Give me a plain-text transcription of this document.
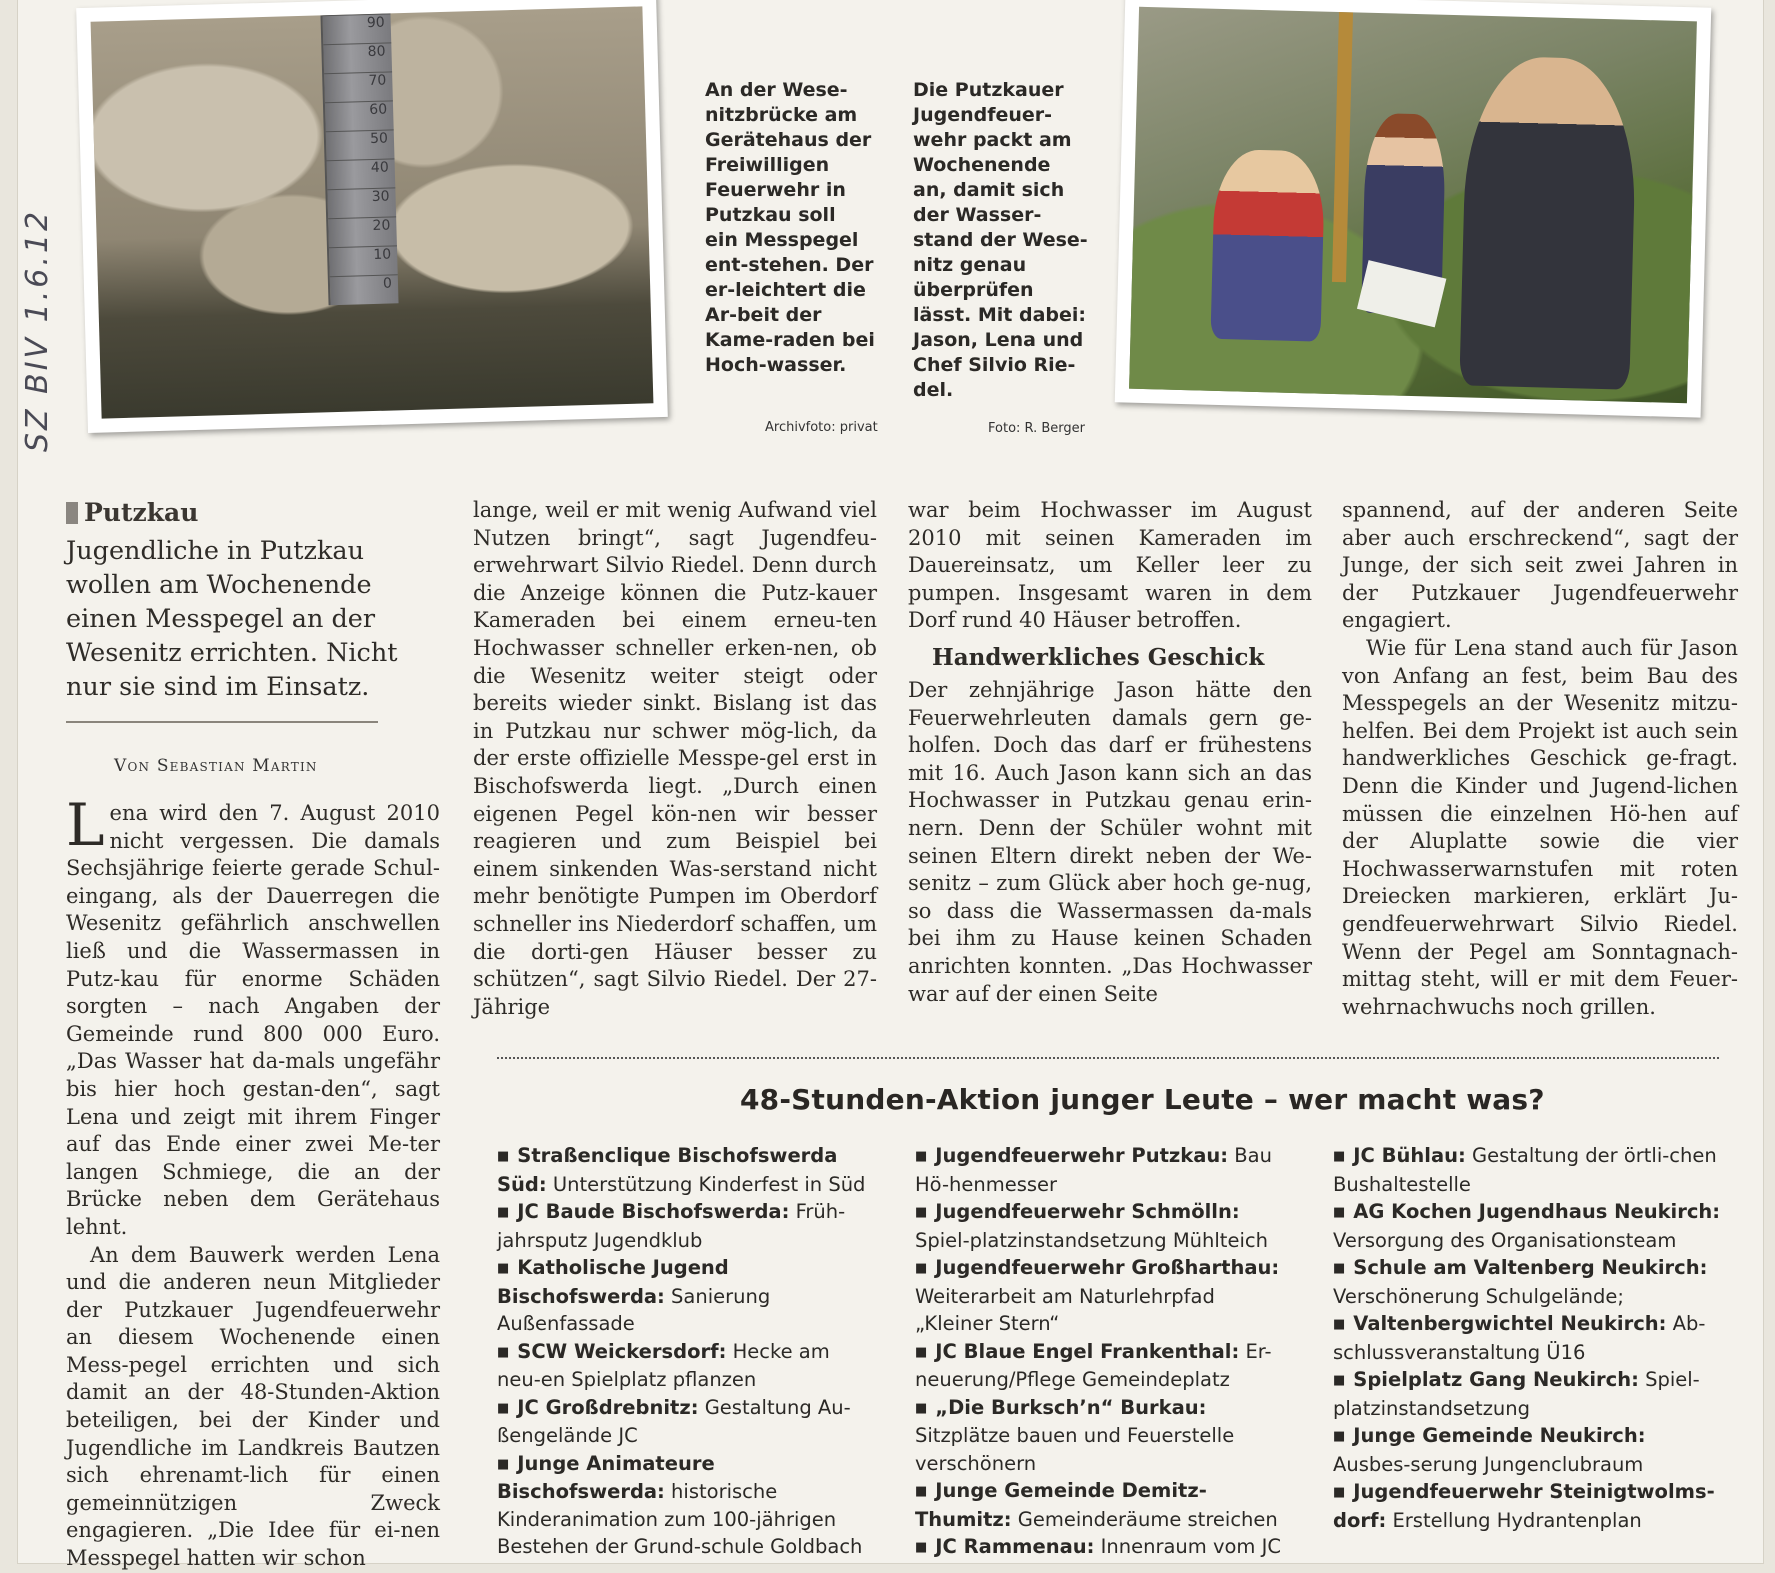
SZ BIV 1.6.12
90
80
70
60
50
40
30
20
10
0
An der Wese-nitzbrücke am Gerätehaus der Freiwilligen Feuerwehr in Putzkau soll ein Messpegel ent-stehen. Der er-leichtert die Ar-beit der Kame-raden bei Hoch-wasser.
Archivfoto: privat
Die Putzkauer Jugendfeuer-wehr packt am Wochenende an, damit sich der Wasser-stand der Wese-nitz genau überprüfen lässt. Mit dabei: Jason, Lena und Chef Silvio Rie-del.
Foto: R. Berger
Putzkau
Jugendliche in Putzkau wollen am Wochenende einen Messpegel an der Wesenitz errichten. Nicht nur sie sind im Einsatz.
Von Sebastian Martin

Lena wird den 7. August 2010 nicht vergessen. Die damals Sechsjährige feierte gerade Schul-eingang, als der Dauerregen die Wesenitz gefährlich anschwellen ließ und die Wassermassen in Putz-kau für enorme Schäden sorgten – nach Angaben der Gemeinde rund 800 000 Euro. „Das Wasser hat da-mals ungefähr bis hier hoch gestan-den“, sagt Lena und zeigt mit ihrem Finger auf das Ende einer zwei Me-ter langen Schmiege, die an der Brücke neben dem Gerätehaus lehnt.

An dem Bauwerk werden Lena und die anderen neun Mitglieder der Putzkauer Jugendfeuerwehr an diesem Wochenende einen Mess-pegel errichten und sich damit an der 48-Stunden-Aktion beteiligen, bei der Kinder und Jugendliche im Landkreis Bautzen sich ehrenamt-lich für einen gemeinnützigen Zweck engagieren. „Die Idee für ei-nen Messpegel hatten wir schon

lange, weil er mit wenig Aufwand viel Nutzen bringt“, sagt Jugendfeu-erwehrwart Silvio Riedel. Denn durch die Anzeige können die Putz-kauer Kameraden bei einem erneu-ten Hochwasser schneller erken-nen, ob die Wesenitz weiter steigt oder bereits wieder sinkt. Bislang ist das in Putzkau nur schwer mög-lich, da der erste offizielle Messpe-gel erst in Bischofswerda liegt. „Durch einen eigenen Pegel kön-nen wir besser reagieren und zum Beispiel bei einem sinkenden Was-serstand nicht mehr benötigte Pumpen im Oberdorf schneller ins Niederdorf schaffen, um die dorti-gen Häuser besser zu schützen“, sagt Silvio Riedel. Der 27-Jährige

war beim Hochwasser im August 2010 mit seinen Kameraden im Dauereinsatz, um Keller leer zu pumpen. Insgesamt waren in dem Dorf rund 40 Häuser betroffen.

Handwerkliches Geschick

Der zehnjährige Jason hätte den Feuerwehrleuten damals gern ge-holfen. Doch das darf er frühestens mit 16. Auch Jason kann sich an das Hochwasser in Putzkau genau erin-nern. Denn der Schüler wohnt mit seinen Eltern direkt neben der We-senitz – zum Glück aber hoch ge-nug, so dass die Wassermassen da-mals bei ihm zu Hause keinen Schaden anrichten konnten. „Das Hochwasser war auf der einen Seite

spannend, auf der anderen Seite aber auch erschreckend“, sagt der Junge, der sich seit zwei Jahren in der Putzkauer Jugendfeuerwehr engagiert.

Wie für Lena stand auch für Jason von Anfang an fest, beim Bau des Messpegels an der Wesenitz mitzu-helfen. Bei dem Projekt ist auch sein handwerkliches Geschick ge-fragt. Denn die Kinder und Jugend-lichen müssen die einzelnen Hö-hen auf der Aluplatte sowie die vier Hochwasserwarnstufen mit roten Dreiecken markieren, erklärt Ju-gendfeuerwehrwart Silvio Riedel. Wenn der Pegel am Sonntagnach-mittag steht, will er mit dem Feuer-wehrnachwuchs noch grillen.

48-Stunden-Aktion junger Leute – wer macht was?
■ Straßenclique Bischofswerda Süd: Unterstützung Kinderfest in Süd
■ JC Baude Bischofswerda: Früh-jahrsputz Jugendklub
■ Katholische Jugend Bischofswerda: Sanierung Außenfassade
■ SCW Weickersdorf: Hecke am neu-en Spielplatz pflanzen
■ JC Großdrebnitz: Gestaltung Au-ßengelände JC
■ Junge Animateure Bischofswerda: historische Kinderanimation zum 100-jährigen Bestehen der Grund-schule Goldbach
■ Jugendfeuerwehr Putzkau: Bau Hö-henmesser
■ Jugendfeuerwehr Schmölln: Spiel-platzinstandsetzung Mühlteich
■ Jugendfeuerwehr Großharthau: Weiterarbeit am Naturlehrpfad „Kleiner Stern“
■ JC Blaue Engel Frankenthal: Er-neuerung/Pflege Gemeindeplatz
■ „Die Burksch’n“ Burkau: Sitzplätze bauen und Feuerstelle verschönern
■ Junge Gemeinde Demitz-Thumitz: Gemeinderäume streichen
■ JC Rammenau: Innenraum vom JC
■ JC Bühlau: Gestaltung der örtli-chen Bushaltestelle
■ AG Kochen Jugendhaus Neukirch: Versorgung des Organisationsteam
■ Schule am Valtenberg Neukirch: Verschönerung Schulgelände;
■ Valtenbergwichtel Neukirch: Ab-schlussveranstaltung Ü16
■ Spielplatz Gang Neukirch: Spiel-platzinstandsetzung
■ Junge Gemeinde Neukirch: Ausbes-serung Jungenclubraum
■ Jugendfeuerwehr Steinigtwolms-dorf: Erstellung Hydrantenplan
